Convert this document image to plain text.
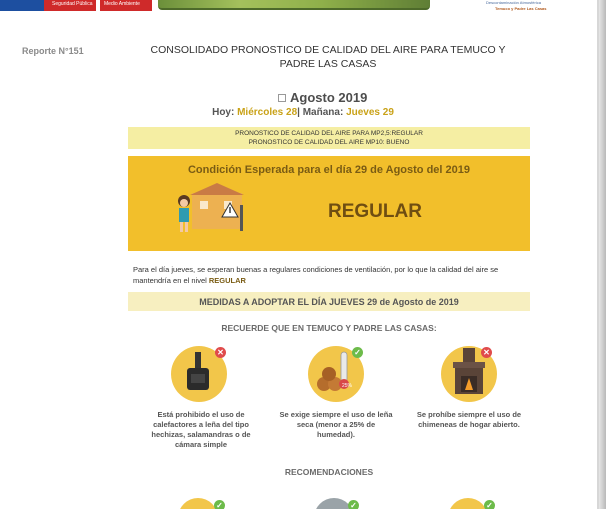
Seguridad Pública Medio Ambiente	Descontaminación Atmosférica
Temuco y Padre Las Casas
Reporte N°151	CONSOLIDADO PRONOSTICO DE CALIDAD DEL AIRE PARA TEMUCO Y PADRE LAS CASAS
Agosto 2019
Hoy: Miércoles 28| Mañana: Jueves 29
PRONOSTICO DE CALIDAD DEL AIRE PARA MP2,5:REGULAR
PRONOSTICO DE CALIDAD DEL AIRE MP10: BUENO
Condición Esperada para el día 29 de Agosto del 2019
REGULAR
Para el día jueves, se esperan buenas a regulares condiciones de ventilación, por lo que la calidad del aire se mantendría en el nivel REGULAR
MEDIDAS A ADOPTAR EL DÍA JUEVES 29 de Agosto de 2019
RECUERDE QUE EN TEMUCO Y PADRE LAS CASAS:
✕
Está prohibido el uso de calefactores a leña del tipo hechizas, salamandras o de cámara simple
25%
✓
Se exige siempre el uso de leña seca (menor a 25% de humedad).
✕
Se prohíbe siempre el uso de chimeneas de hogar abierto.
RECOMENDACIONES
✓	✓	✓
